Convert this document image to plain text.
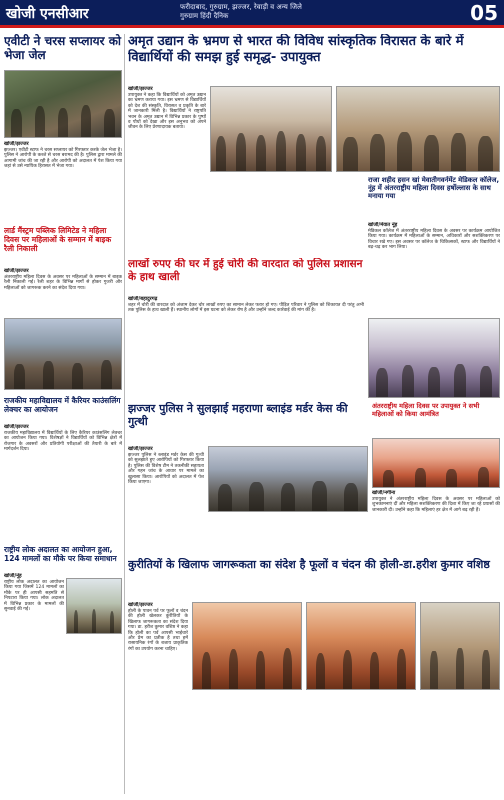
खोजी एनसीआर	फरीदाबाद, गुरुग्राम, झज्जर, रेवाड़ी व अन्य जिले
गुरुग्राम हिंदी दैनिक	05
एवीटी ने चरस सप्लायर को भेजा जेल
खोजी/झज्जर
झज्जर। एवीटी स्टाफ ने चरस सप्लायर को गिरफ्तार करके जेल भेजा है। पुलिस ने आरोपी के कब्जे से चरस बरामद की है। पुलिस द्वारा मामले की आगामी जांच की जा रही है और आरोपी को अदालत में पेश किया गया जहां से उसे न्यायिक हिरासत में भेजा गया।
लार्ड मैंस्ट्रम पब्लिक लिमिटेड ने महिला दिवस पर महिलाओं के सम्मान में बाइक रैली निकाली
खोजी/झज्जर
अंतरराष्ट्रीय महिला दिवस के अवसर पर महिलाओं के सम्मान में बाइक रैली निकाली गई। रैली शहर के विभिन्न मार्गों से होकर गुजरी और महिलाओं को जागरूक करने का संदेश दिया गया।
राजकीय महाविद्यालय में कैरियर काउंसलिंग लेक्चर का आयोजन
खोजी/झज्जर
राजकीय महाविद्यालय में विद्यार्थियों के लिए कैरियर काउंसलिंग लेक्चर का आयोजन किया गया। विशेषज्ञों ने विद्यार्थियों को विभिन्न क्षेत्रों में रोजगार के अवसरों और प्रतियोगी परीक्षाओं की तैयारी के बारे में मार्गदर्शन दिया।
राष्ट्रीय लोक अदालत का आयोजन हुआ, 124 मामलों का मौके पर किया समाधान
खोजी/नूंह
राष्ट्रीय लोक अदालत का आयोजन किया गया जिसमें 124 मामलों का मौके पर ही आपसी सहमति से निपटारा किया गया। लोक अदालत में विभिन्न प्रकार के मामलों की सुनवाई की गई।
अमृत उद्यान के भ्रमण से भारत की विविध सांस्कृतिक विरासत के बारे में विद्यार्थियों की समझ हुई समृद्ध- उपायुक्त
खोजी/झज्जर
उपायुक्त ने कहा कि विद्यार्थियों को अमृत उद्यान का भ्रमण कराया गया। इस भ्रमण से विद्यार्थियों को देश की संस्कृति, विरासत व प्रकृति के बारे में जानकारी मिली है। विद्यार्थियों ने राष्ट्रपति भवन के अमृत उद्यान में विभिन्न प्रकार के पुष्पों व पौधों को देखा और इस अनुभव को अपने जीवन के लिए प्रेरणादायक बताया।
लाखों रुपए की घर में हुई चोरी की वारदात को पुलिस प्रशासन के हाथ खाली
खोजी/बहादुरगढ़
शहर में चोरी की वारदात को अंजाम देकर चोर लाखों रुपए का सामान लेकर फरार हो गए। पीड़ित परिवार ने पुलिस को शिकायत दी परंतु अभी तक पुलिस के हाथ खाली हैं। स्थानीय लोगों में इस घटना को लेकर रोष है और उन्होंने जल्द कार्रवाई की मांग की है।
राजा शहीद हसन खां मेवातीगवर्नमेंट मेडिकल कॉलेज, नूंह में अंतरराष्ट्रीय महिला दिवस हर्षोल्लास के साथ मनाया गया
खोजी/मेवात नूंह
मेडिकल कॉलेज में अंतरराष्ट्रीय महिला दिवस के अवसर पर कार्यक्रम आयोजित किया गया। कार्यक्रम में महिलाओं के सम्मान, अधिकारों और सशक्तिकरण पर विचार रखे गए। इस अवसर पर कॉलेज के चिकित्सकों, स्टाफ और विद्यार्थियों ने बढ़-चढ़ कर भाग लिया।
झज्जर पुलिस ने सुलझाई महराणा ब्लाइंड मर्डर केस की गुत्थी
खोजी/झज्जर
झज्जर पुलिस ने ब्लाइंड मर्डर केस की गुत्थी को सुलझाते हुए आरोपियों को गिरफ्तार किया है। पुलिस की विशेष टीम ने तकनीकी सहायता और गहन जांच के आधार पर मामले का खुलासा किया। आरोपियों को अदालत में पेश किया जाएगा।
अंतरराष्ट्रीय महिला दिवस पर उपायुक्त ने सभी महिलाओं को किया आमंत्रित
खोजी/नगीना
उपायुक्त ने अंतरराष्ट्रीय महिला दिवस के अवसर पर महिलाओं को शुभकामनाएं दीं और महिला सशक्तिकरण की दिशा में किए जा रहे प्रयासों की जानकारी दी। उन्होंने कहा कि महिलाएं हर क्षेत्र में आगे बढ़ रही हैं।
कुरीतियों के खिलाफ जागरूकता का संदेश है फूलों व चंदन की होली-डा.हरीश कुमार वशिष्ठ
खोजी/झज्जर
होली के पावन पर्व पर फूलों व चंदन की होली खेलकर कुरीतियों के खिलाफ जागरूकता का संदेश दिया गया। डा. हरीश कुमार वशिष्ठ ने कहा कि होली का पर्व आपसी भाईचारे और प्रेम का प्रतीक है तथा हमें रासायनिक रंगों के बजाय प्राकृतिक रंगों का उपयोग करना चाहिए।
